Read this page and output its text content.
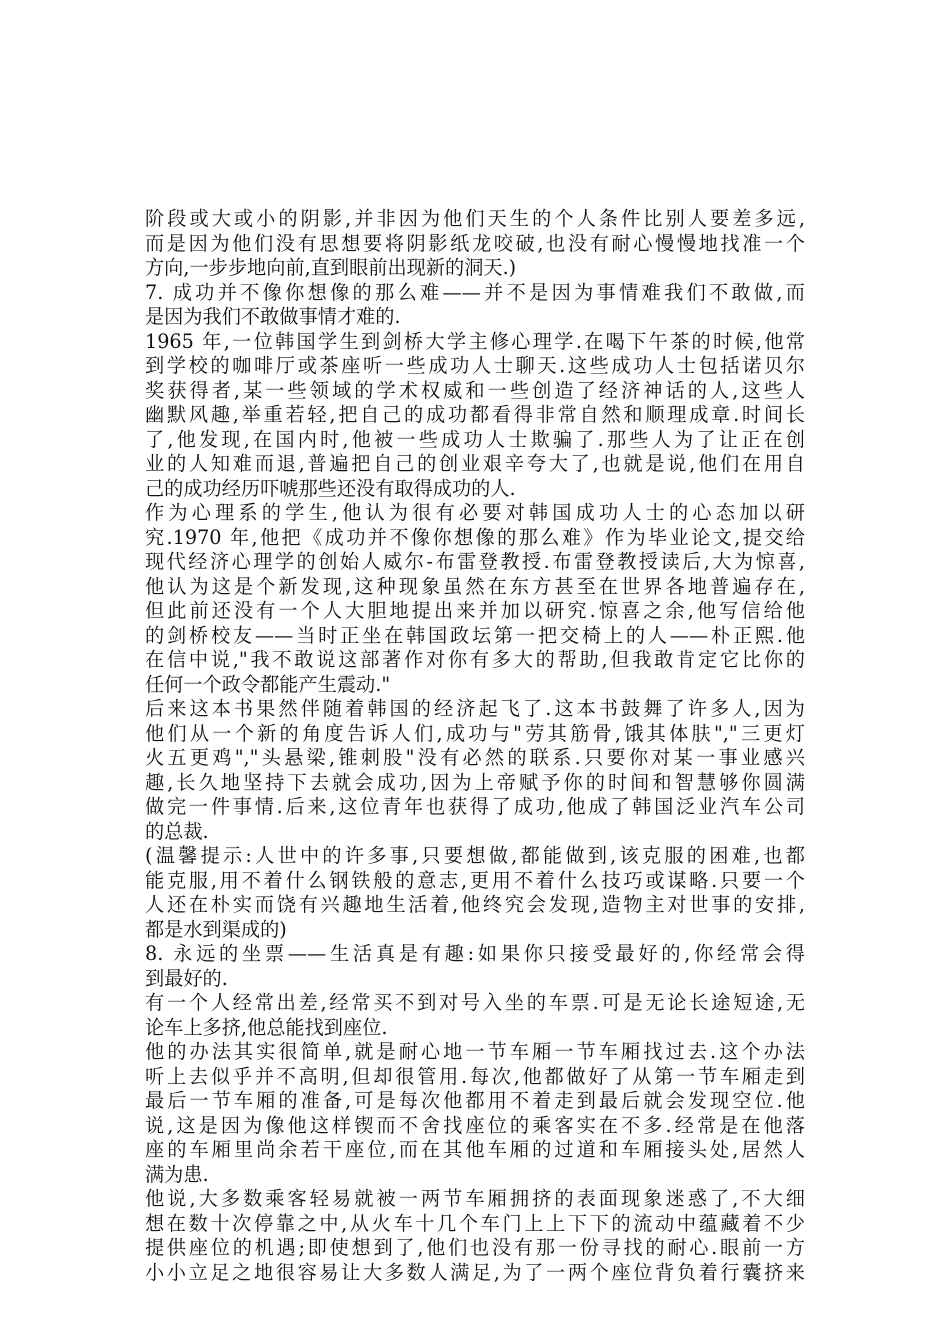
阶段或大或小的阴影,并非因为他们天生的个人条件比别人要差多远,
而是因为他们没有思想要将阴影纸龙咬破,也没有耐心慢慢地找准一个
方向,一步步地向前,直到眼前出现新的洞天.)
7. 成功并不像你想像的那么难——并不是因为事情难我们不敢做,而
是因为我们不敢做事情才难的.
1965 年,一位韩国学生到剑桥大学主修心理学.在喝下午茶的时候,他常
到学校的咖啡厅或茶座听一些成功人士聊天.这些成功人士包括诺贝尔
奖获得者,某一些领域的学术权威和一些创造了经济神话的人,这些人
幽默风趣,举重若轻,把自己的成功都看得非常自然和顺理成章.时间长
了,他发现,在国内时,他被一些成功人士欺骗了.那些人为了让正在创
业的人知难而退,普遍把自己的创业艰辛夸大了,也就是说,他们在用自
己的成功经历吓唬那些还没有取得成功的人.
作为心理系的学生,他认为很有必要对韩国成功人士的心态加以研
究.1970 年,他把《成功并不像你想像的那么难》作为毕业论文,提交给
现代经济心理学的创始人威尔-布雷登教授.布雷登教授读后,大为惊喜,
他认为这是个新发现,这种现象虽然在东方甚至在世界各地普遍存在,
但此前还没有一个人大胆地提出来并加以研究.惊喜之余,他写信给他
的剑桥校友——当时正坐在韩国政坛第一把交椅上的人——朴正熙.他
在信中说,"我不敢说这部著作对你有多大的帮助,但我敢肯定它比你的
任何一个政令都能产生震动."
后来这本书果然伴随着韩国的经济起飞了.这本书鼓舞了许多人,因为
他们从一个新的角度告诉人们,成功与"劳其筋骨,饿其体肤","三更灯
火五更鸡","头悬梁,锥刺股"没有必然的联系.只要你对某一事业感兴
趣,长久地坚持下去就会成功,因为上帝赋予你的时间和智慧够你圆满
做完一件事情.后来,这位青年也获得了成功,他成了韩国泛业汽车公司
的总裁.
(温馨提示:人世中的许多事,只要想做,都能做到,该克服的困难,也都
能克服,用不着什么钢铁般的意志,更用不着什么技巧或谋略.只要一个
人还在朴实而饶有兴趣地生活着,他终究会发现,造物主对世事的安排,
都是水到渠成的)
8. 永远的坐票——生活真是有趣:如果你只接受最好的,你经常会得
到最好的.
有一个人经常出差,经常买不到对号入坐的车票.可是无论长途短途,无
论车上多挤,他总能找到座位.
他的办法其实很简单,就是耐心地一节车厢一节车厢找过去.这个办法
听上去似乎并不高明,但却很管用.每次,他都做好了从第一节车厢走到
最后一节车厢的准备,可是每次他都用不着走到最后就会发现空位.他
说,这是因为像他这样锲而不舍找座位的乘客实在不多.经常是在他落
座的车厢里尚余若干座位,而在其他车厢的过道和车厢接头处,居然人
满为患.
他说,大多数乘客轻易就被一两节车厢拥挤的表面现象迷惑了,不大细
想在数十次停靠之中,从火车十几个车门上上下下的流动中蕴藏着不少
提供座位的机遇;即使想到了,他们也没有那一份寻找的耐心.眼前一方
小小立足之地很容易让大多数人满足,为了一两个座位背负着行囊挤来
